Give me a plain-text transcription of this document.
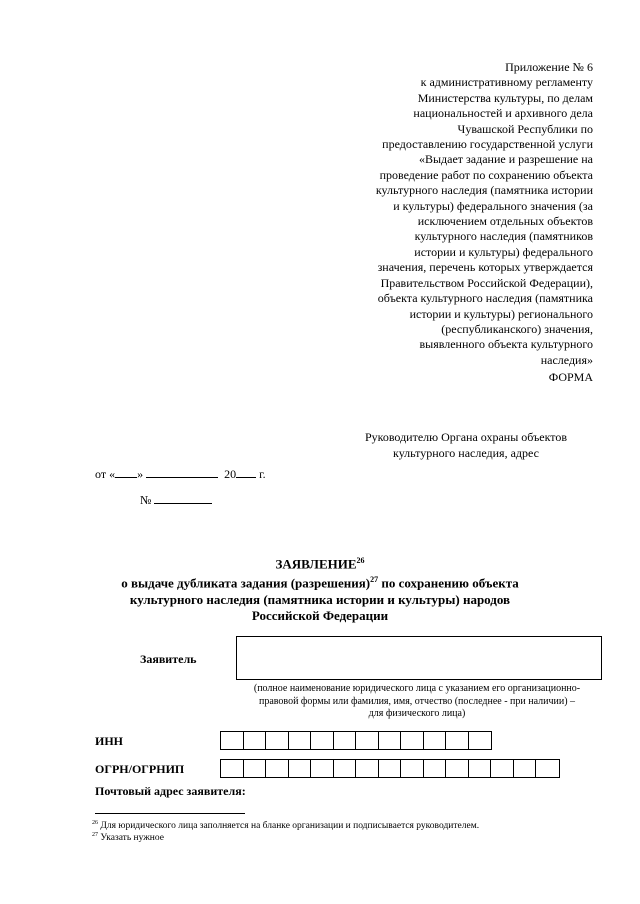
Приложение № 6
к административному регламенту
Министерства культуры, по делам
национальностей и архивного дела
Чувашской Республики по
предоставлению государственной услуги
«Выдает задание и разрешение на
проведение работ по сохранению объекта
культурного наследия (памятника истории
и культуры) федерального значения (за
исключением отдельных объектов
культурного наследия (памятников
истории и культуры) федерального
значения, перечень которых утверждается
Правительством Российской Федерации),
объекта культурного наследия (памятника
истории и культуры) регионального
(республиканского) значения,
выявленного объекта культурного
наследия»
ФОРМА
Руководителю Органа охраны объектов
культурного наследия, адрес
от « »	20 г.
№
ЗАЯВЛЕНИЕ$^{26}$
о выдаче дубликата задания (разрешения)$^{27}$ по сохранению объекта
культурного наследия (памятника истории и культуры) народов
Российской Федерации
Заявитель
(полное наименование юридического лица с указанием его организационно-
правовой формы или фамилия, имя, отчество (последнее - при наличии) –
для физического лица)
ИНН
ОГРН/ОГРНИП
Почтовый адрес заявителя:
$^{26}$ Для юридического лица заполняется на бланке организации и подписывается руководителем.
$^{27}$ Указать нужное
